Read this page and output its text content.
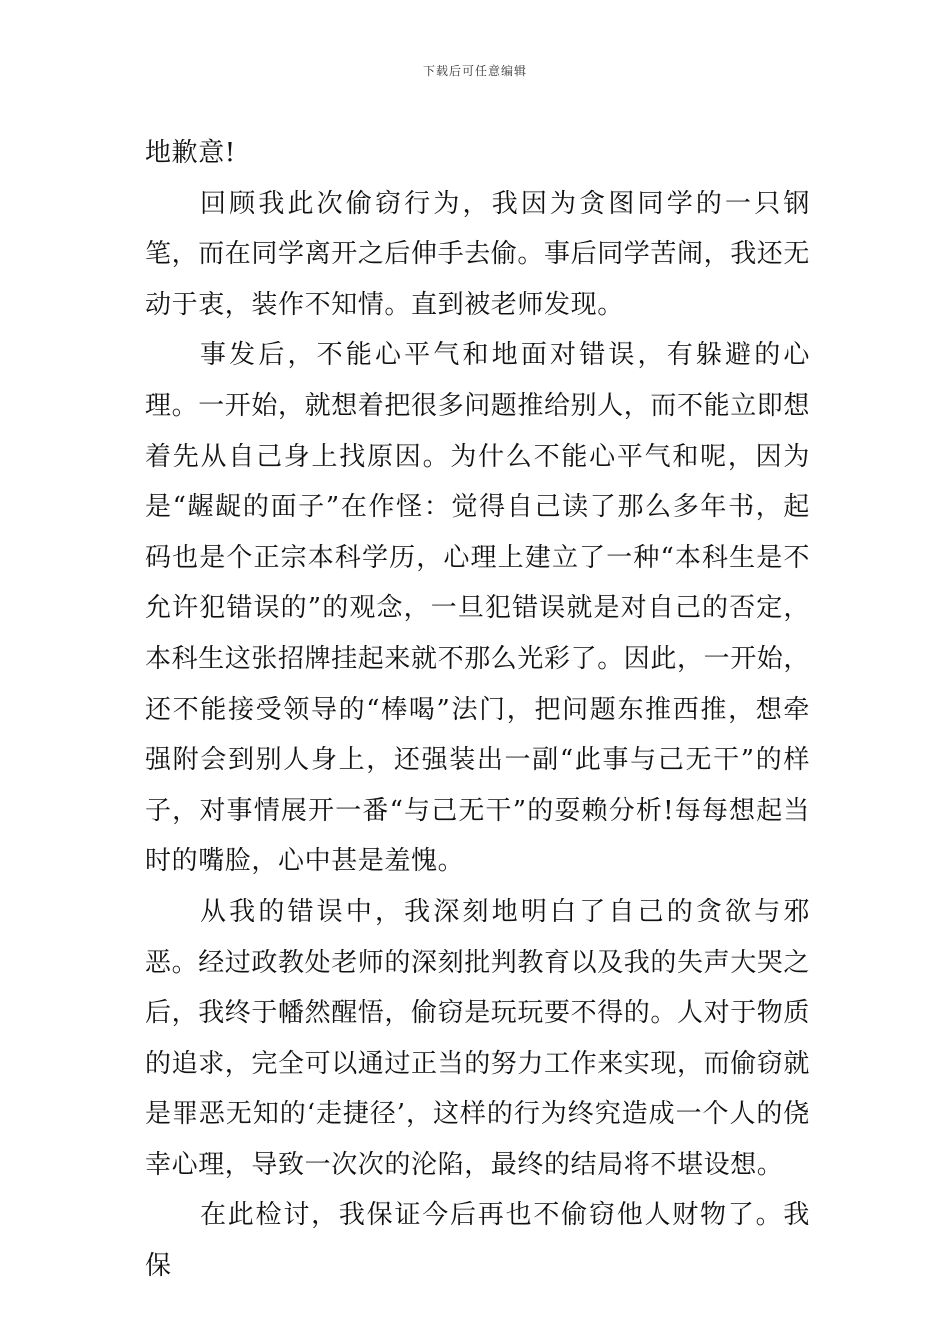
下载后可任意编辑

地歉意!

回顾我此次偷窃行为，我因为贪图同学的一只钢笔，而在同学离开之后伸手去偷。事后同学苦闹，我还无动于衷，装作不知情。直到被老师发现。

事发后，不能心平气和地面对错误，有躲避的心理。一开始，就想着把很多问题推给别人，而不能立即想着先从自己身上找原因。为什么不能心平气和呢，因为是“龌龊的面子”在作怪：觉得自己读了那么多年书，起码也是个正宗本科学历，心理上建立了一种“本科生是不允许犯错误的”的观念，一旦犯错误就是对自己的否定，本科生这张招牌挂起来就不那么光彩了。因此，一开始，还不能接受领导的“棒喝”法门，把问题东推西推，想牵强附会到别人身上，还强装出一副“此事与己无干”的样子，对事情展开一番“与己无干”的耍赖分析!每每想起当时的嘴脸，心中甚是羞愧。

从我的错误中，我深刻地明白了自己的贪欲与邪恶。经过政教处老师的深刻批判教育以及我的失声大哭之后，我终于幡然醒悟，偷窃是玩玩要不得的。人对于物质的追求，完全可以通过正当的努力工作来实现，而偷窃就是罪恶无知的‘走捷径’，这样的行为终究造成一个人的侥幸心理，导致一次次的沦陷，最终的结局将不堪设想。

在此检讨，我保证今后再也不偷窃他人财物了。我保
